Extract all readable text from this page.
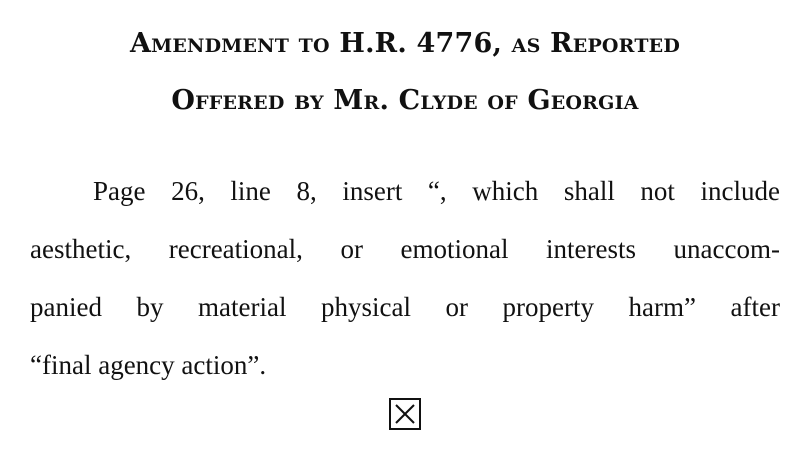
Amendment to H.R. 4776, as Reported
Offered by Mr. Clyde of Georgia
Page 26, line 8, insert “, which shall not include
aesthetic, recreational, or emotional interests unaccom-
panied by material physical or property harm” after
“final agency action”.
